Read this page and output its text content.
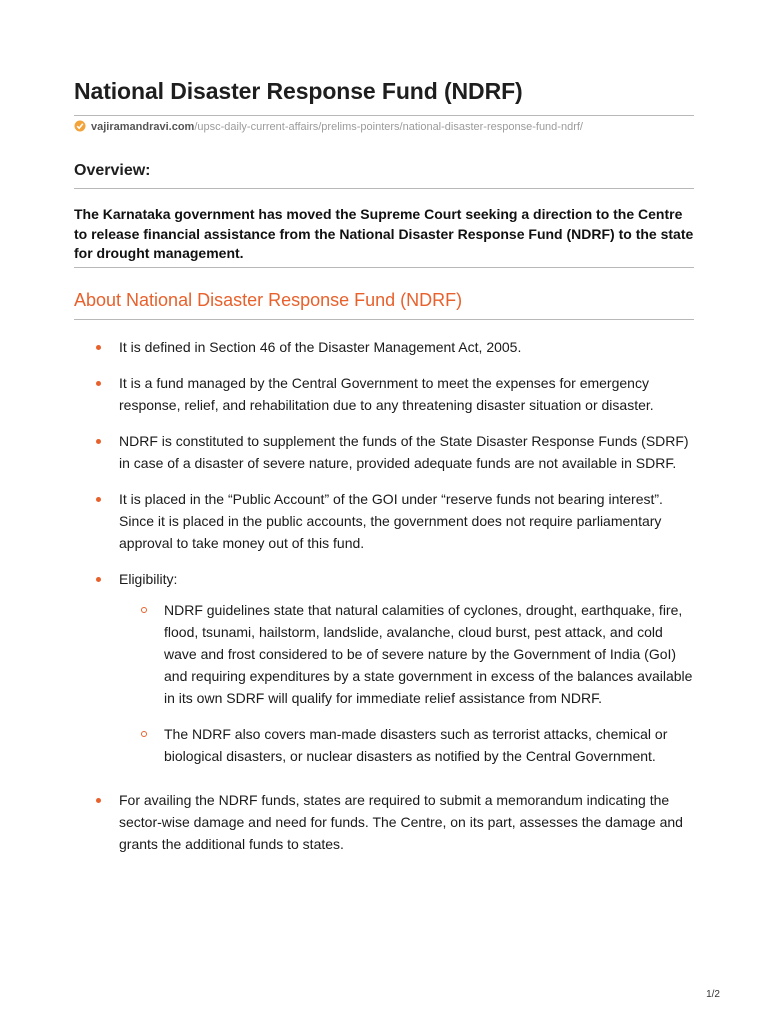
National Disaster Response Fund (NDRF)
vajiramandravi.com/upsc-daily-current-affairs/prelims-pointers/national-disaster-response-fund-ndrf/
Overview:

The Karnataka government has moved the Supreme Court seeking a direction to the Centre to release financial assistance from the National Disaster Response Fund (NDRF) to the state for drought management.

About National Disaster Response Fund (NDRF)
It is defined in Section 46 of the Disaster Management Act, 2005.
It is a fund managed by the Central Government to meet the expenses for emergency response, relief, and rehabilitation due to any threatening disaster situation or disaster.
NDRF is constituted to supplement the funds of the State Disaster Response Funds (SDRF) in case of a disaster of severe nature, provided adequate funds are not available in SDRF.
It is placed in the “Public Account” of the GOI under “reserve funds not bearing interest”. Since it is placed in the public accounts, the government does not require parliamentary approval to take money out of this fund.
Eligibility:
NDRF guidelines state that natural calamities of cyclones, drought, earthquake, fire, flood, tsunami, hailstorm, landslide, avalanche, cloud burst, pest attack, and cold wave and frost considered to be of severe nature by the Government of India (GoI) and requiring expenditures by a state government in excess of the balances available in its own SDRF will qualify for immediate relief assistance from NDRF.
The NDRF also covers man-made disasters such as terrorist attacks, chemical or biological disasters, or nuclear disasters as notified by the Central Government.
For availing the NDRF funds, states are required to submit a memorandum indicating the sector-wise damage and need for funds. The Centre, on its part, assesses the damage and grants the additional funds to states.
1/2
